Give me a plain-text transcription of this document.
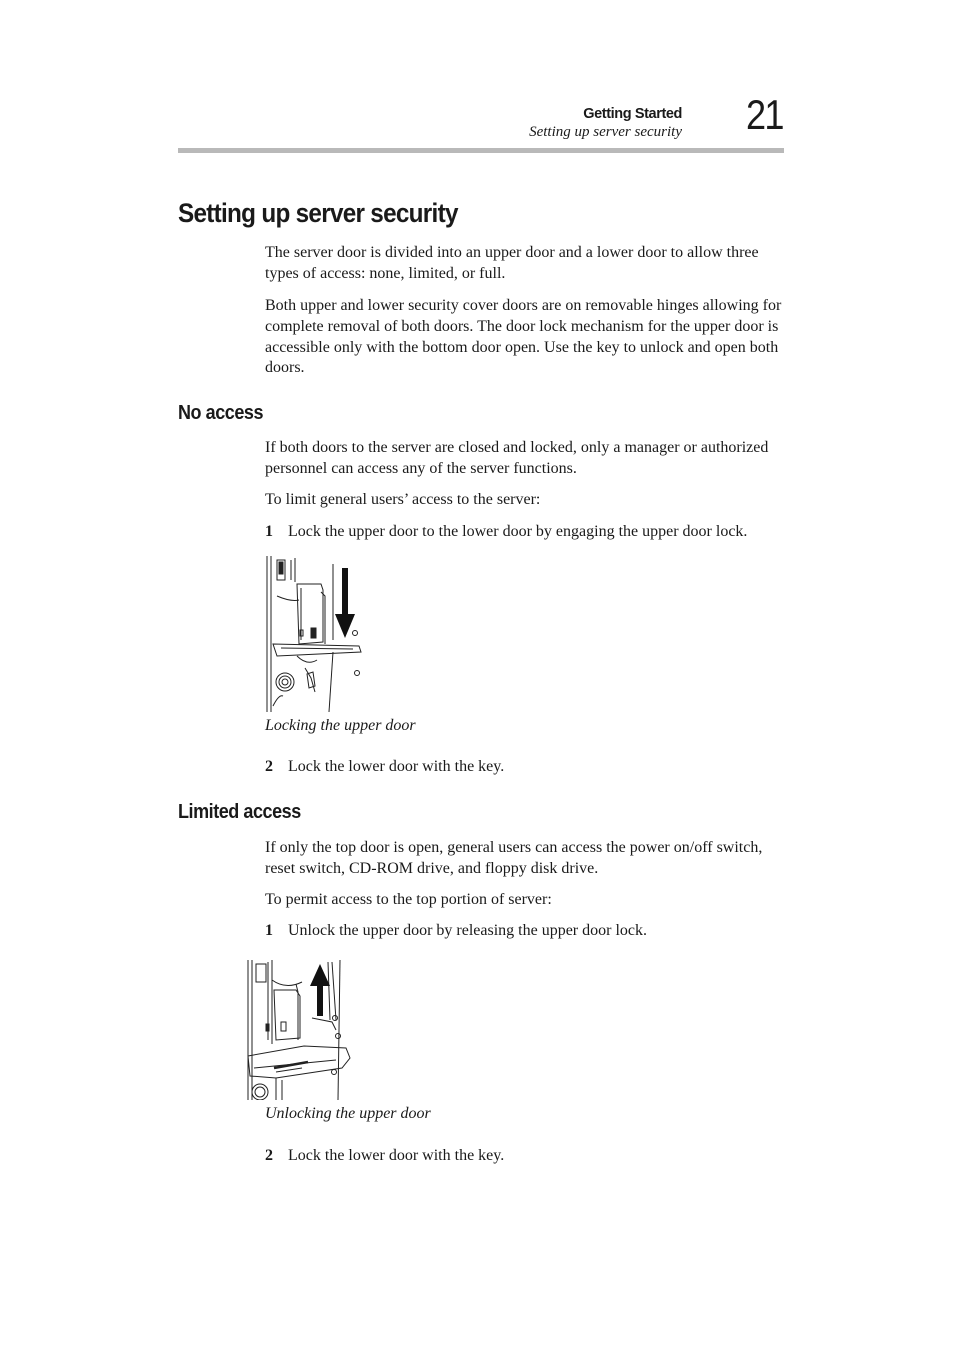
Getting Started
Setting up server security 21
Setting up server security
The server door is divided into an upper door and a lower door to allow three types of access: none, limited, or full.
Both upper and lower security cover doors are on removable hinges allowing for complete removal of both doors. The door lock mechanism for the upper door is accessible only with the bottom door open. Use the key to unlock and open both doors.
No access
If both doors to the server are closed and locked, only a manager or authorized personnel can access any of the server functions.
To limit general users’ access to the server:
1 Lock the upper door to the lower door by engaging the upper door lock.
Locking the upper door
2 Lock the lower door with the key.
Limited access
If only the top door is open, general users can access the power on/off switch, reset switch, CD-ROM drive, and floppy disk drive.
To permit access to the top portion of server:
1 Unlock the upper door by releasing the upper door lock.
Unlocking the upper door
2 Lock the lower door with the key.
